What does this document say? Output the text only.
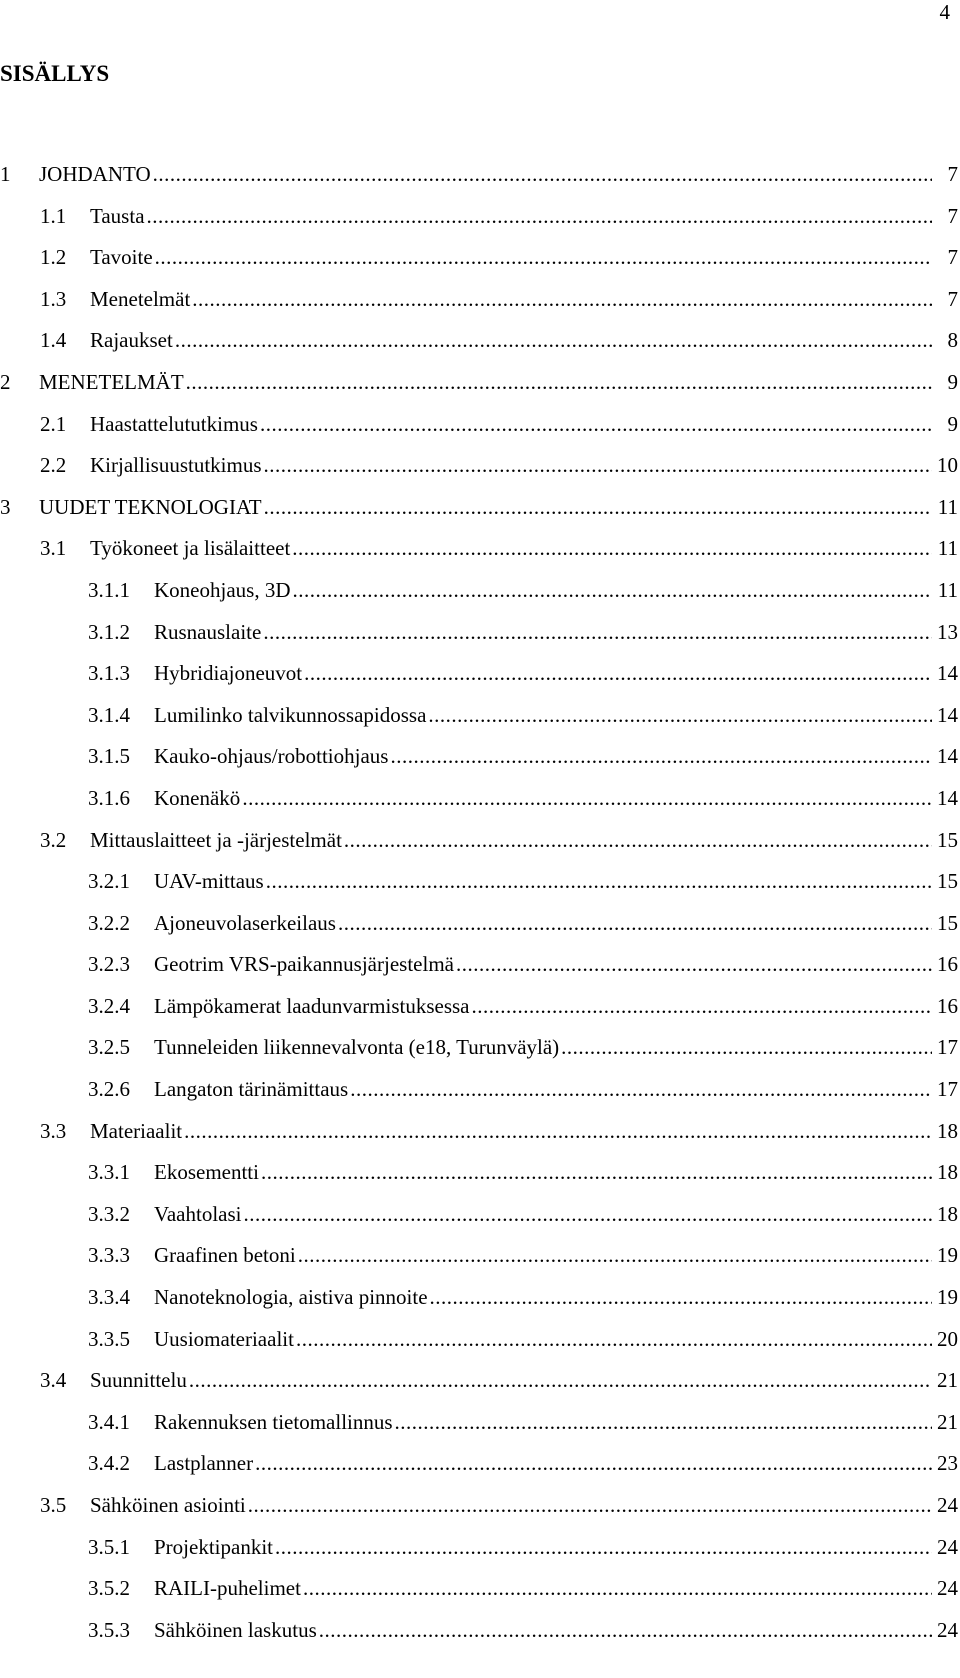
4
SISÄLLYS
1	JOHDANTO .....	7
1.1	Tausta .....	7
1.2	Tavoite .....	7
1.3	Menetelmät .....	7
1.4	Rajaukset .....	8
2	MENETELMÄT .....	9
2.1	Haastattelututkimus .....	9
2.2	Kirjallisuustutkimus .....	10
3	UUDET TEKNOLOGIAT .....	11
3.1	Työkoneet ja lisälaitteet .....	11
3.1.1	Koneohjaus, 3D .....	11
3.1.2	Rusnauslaite .....	13
3.1.3	Hybridiajoneuvot .....	14
3.1.4	Lumilinko talvikunnossapidossa .....	14
3.1.5	Kauko-ohjaus/robottiohjaus .....	14
3.1.6	Konenäkö .....	14
3.2	Mittauslaitteet ja -järjestelmät .....	15
3.2.1	UAV-mittaus .....	15
3.2.2	Ajoneuvolaserkeilaus .....	15
3.2.3	Geotrim VRS-paikannusjärjestelmä .....	16
3.2.4	Lämpökamerat laadunvarmistuksessa .....	16
3.2.5	Tunneleiden liikennevalvonta (e18, Turunväylä) .....	17
3.2.6	Langaton tärinämittaus .....	17
3.3	Materiaalit .....	18
3.3.1	Ekosementti .....	18
3.3.2	Vaahtolasi .....	18
3.3.3	Graafinen betoni .....	19
3.3.4	Nanoteknologia, aistiva pinnoite .....	19
3.3.5	Uusiomateriaalit .....	20
3.4	Suunnittelu .....	21
3.4.1	Rakennuksen tietomallinnus .....	21
3.4.2	Lastplanner .....	23
3.5	Sähköinen asiointi .....	24
3.5.1	Projektipankit .....	24
3.5.2	RAILI-puhelimet .....	24
3.5.3	Sähköinen laskutus .....	24
